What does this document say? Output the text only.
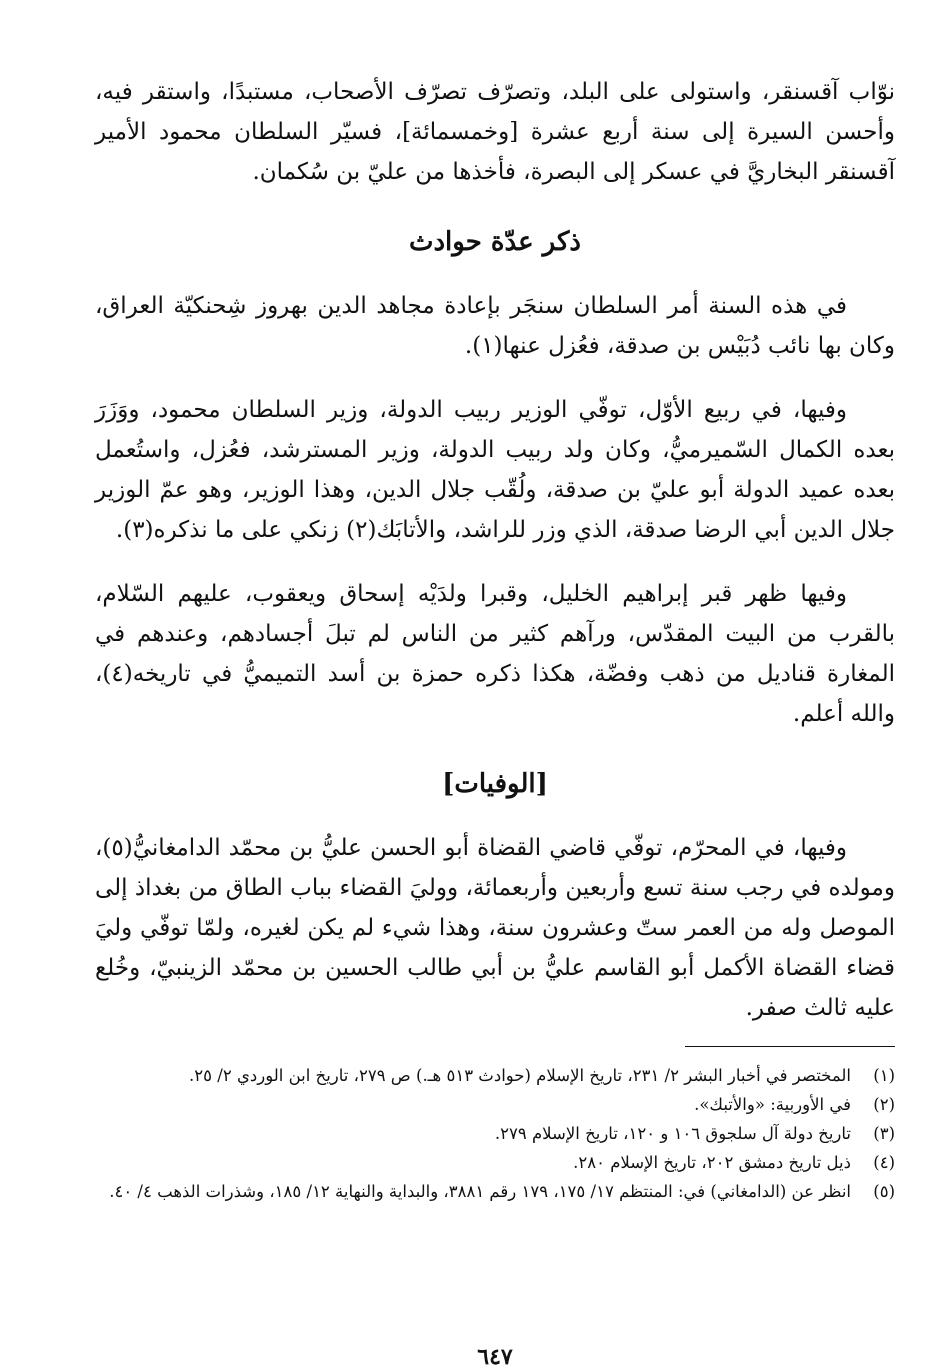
نوّاب آقسنقر، واستولى على البلد، وتصرّف تصرّف الأصحاب، مستبدًا، واستقر فيه، وأحسن السيرة إلى سنة أربع عشرة [وخمسمائة]، فسيّر السلطان محمود الأمير آقسنقر البخاريَّ في عسكر إلى البصرة، فأخذها من عليّ بن سُكمان.

ذكر عدّة حوادث

في هذه السنة أمر السلطان سنجَر بإعادة مجاهد الدين بهروز شِحنكيّة العراق، وكان بها نائب دُبَيْس بن صدقة، فعُزل عنها(١).

وفيها، في ربيع الأوّل، توفّي الوزير ربيب الدولة، وزير السلطان محمود، ووَزَرَ بعده الكمال السّميرميُّ، وكان ولد ربيب الدولة، وزير المسترشد، فعُزل، واستُعمل بعده عميد الدولة أبو عليّ بن صدقة، ولُقّب جلال الدين، وهذا الوزير، وهو عمّ الوزير جلال الدين أبي الرضا صدقة، الذي وزر للراشد، والأتابَك(٢) زنكي على ما نذكره(٣).

وفيها ظهر قبر إبراهيم الخليل، وقبرا ولدَيْه إسحاق ويعقوب، عليهم السّلام، بالقرب من البيت المقدّس، ورآهم كثير من الناس لم تبلَ أجسادهم، وعندهم في المغارة قناديل من ذهب وفضّة، هكذا ذكره حمزة بن أسد التميميُّ في تاريخه(٤)، والله أعلم.

[الوفيات]

وفيها، في المحرّم، توفّي قاضي القضاة أبو الحسن عليُّ بن محمّد الدامغانيُّ(٥)، ومولده في رجب سنة تسع وأربعين وأربعمائة، ووليَ القضاء بباب الطاق من بغداذ إلى الموصل وله من العمر ستّ وعشرون سنة، وهذا شيء لم يكن لغيره، ولمّا توفّي وليَ قضاء القضاة الأكمل أبو القاسم عليُّ بن أبي طالب الحسين بن محمّد الزينبيّ، وخُلع عليه ثالث صفر.

(١)
المختصر في أخبار البشر ٢/ ٢٣١، تاريخ الإسلام (حوادث ٥١٣ هـ.) ص ٢٧٩، تاريخ ابن الوردي ٢/ ٢٥.
(٢)
في الأوربية: «والأتبك».
(٣)
تاريخ دولة آل سلجوق ١٠٦ و ١٢٠، تاريخ الإسلام ٢٧٩.
(٤)
ذيل تاريخ دمشق ٢٠٢، تاريخ الإسلام ٢٨٠.
(٥)
انظر عن (الدامغاني) في: المنتظم ١٧/ ١٧٥، ١٧٩ رقم ٣٨٨١، والبداية والنهاية ١٢/ ١٨٥، وشذرات الذهب ٤/ ٤٠.
٦٤٧
